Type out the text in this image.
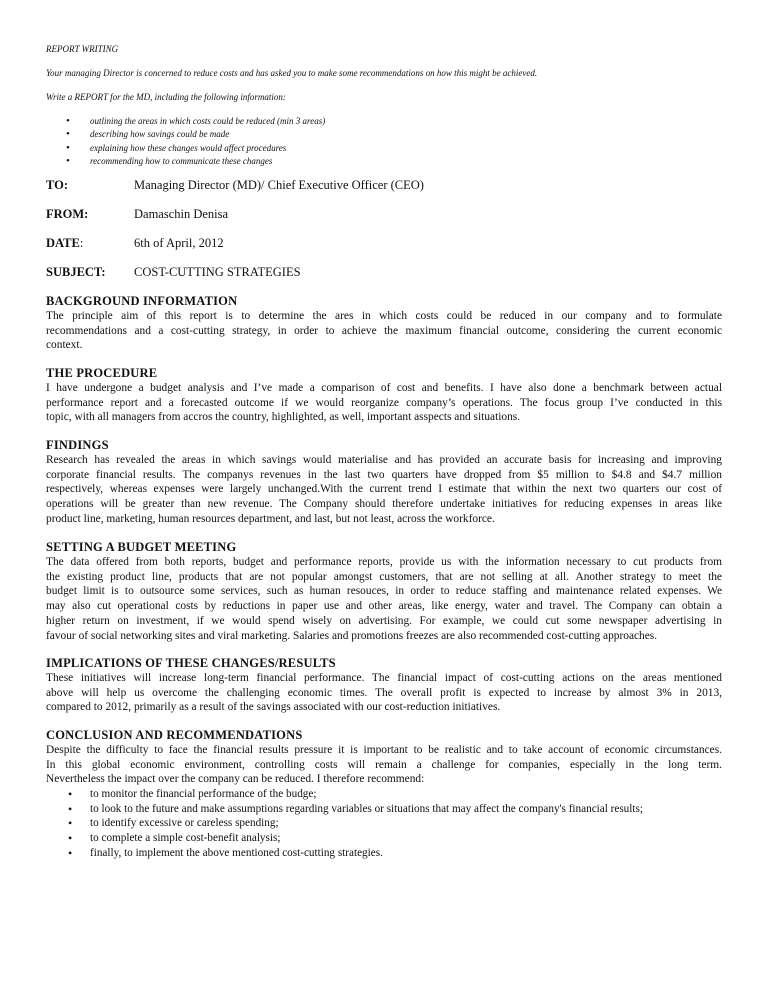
REPORT WRITING
Your managing Director is concerned to reduce costs and has asked you to make some recommendations on how this might be achieved.
Write a REPORT for the MD, including the following information:
• outlining the areas in which costs could be reduced (min 3 areas)
• describing how savings could be made
• explaining how these changes would affect procedures
• recommending how to communicate these changes
TO:	Managing Director (MD)/ Chief Executive Officer (CEO)
FROM:	Damaschin Denisa
DATE:	6th of April, 2012
SUBJECT: COST-CUTTING STRATEGIES
BACKGROUND INFORMATION
The principle aim of this report is to determine the ares in which costs could be reduced in our company and to formulate
recommendations and a cost-cutting strategy, in order to achieve the maximum financial outcome, considering the current economic
context.
THE PROCEDURE
I have undergone a budget analysis and I’ve made a comparison of cost and benefits. I have also done a benchmark between actual
performance report and a forecasted outcome if we would reorganize company’s operations. The focus group I’ve conducted in this
topic, with all managers from accros the country, highlighted, as well, important asspects and situations.
FINDINGS
Research has revealed the areas in which savings would materialise and has provided an accurate basis for increasing and improving
corporate financial results. The companys revenues in the last two quarters have dropped from $5 million to $4.8 and $4.7 million
respectively, whereas expenses were largely unchanged.With the current trend I estimate that within the next two quarters our cost of
operations will be greater than new revenue. The Company should therefore undertake initiatives for reducing expenses in areas like
product line, marketing, human resources department, and last, but not least, across the workforce.
SETTING A BUDGET MEETING
The data offered from both reports, budget and performance reports, provide us with the information necessary to cut products from
the existing product line, products that are not popular amongst customers, that are not selling at all. Another strategy to meet the
budget limit is to outsource some services, such as human resouces, in order to reduce staffing and maintenance related expenses. We
may also cut operational costs by reductions in paper use and other areas, like energy, water and travel. The Company can obtain a
higher return on investment, if we would spend wisely on advertising. For example, we could cut some newspaper advertising in
favour of social networking sites and viral marketing. Salaries and promotions freezes are also recommended cost-cutting approaches.
IMPLICATIONS OF THESE CHANGES/RESULTS
These initiatives will increase long-term financial performance. The financial impact of cost-cutting actions on the areas mentioned
above will help us overcome the challenging economic times. The overall profit is expected to increase by almost 3% in 2013,
compared to 2012, primarily as a result of the savings associated with our cost-reduction initiatives.
CONCLUSION AND RECOMMENDATIONS
Despite the difficulty to face the financial results pressure it is important to be realistic and to take account of economic circumstances.
In this global economic environment, controlling costs will remain a challenge for companies, especially in the long term.
Nevertheless the impact over the company can be reduced. I therefore recommend:
• to monitor the financial performance of the budge;
• to look to the future and make assumptions regarding variables or situations that may affect the company's financial results;
• to identify excessive or careless spending;
• to complete a simple cost-benefit analysis;
• finally, to implement the above mentioned cost-cutting strategies.
